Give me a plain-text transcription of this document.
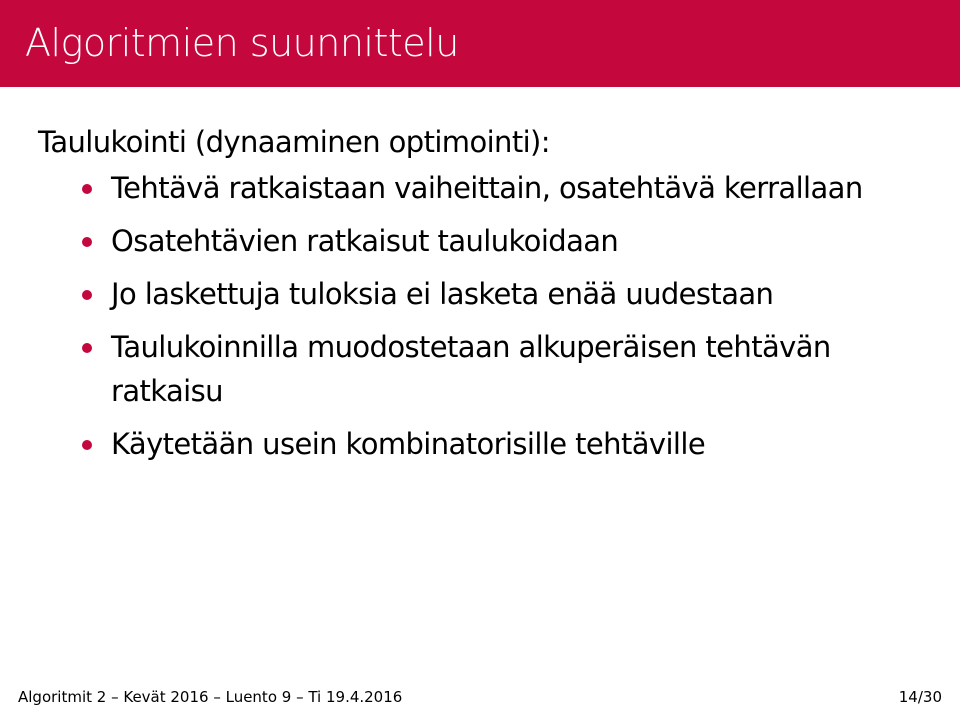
Algoritmien suunnittelu

Taulukointi (dynaaminen optimointi):

Tehtävä ratkaistaan vaiheittain, osatehtävä kerrallaan
Osatehtävien ratkaisut taulukoidaan
Jo laskettuja tuloksia ei lasketa enää uudestaan
Taulukoinnilla muodostetaan alkuperäisen tehtävän ratkaisu
Käytetään usein kombinatorisille tehtäville
Algoritmit 2 – Kevät 2016 – Luento 9 – Ti 19.4.2016	14/30
